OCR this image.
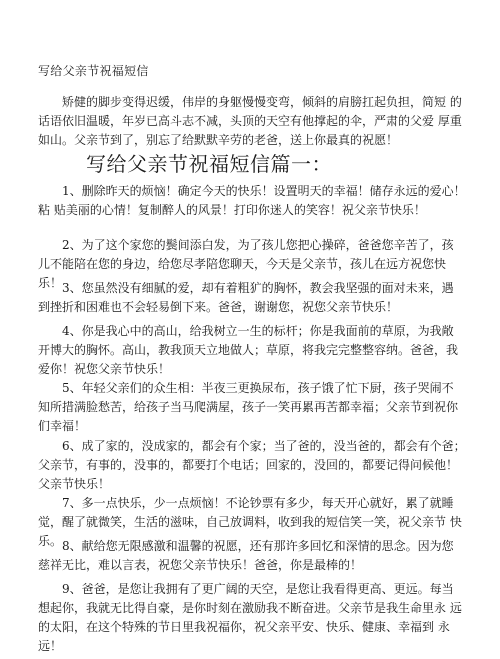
写给父亲节祝福短信

矫健的脚步变得迟缓，伟岸的身躯慢慢变弯，倾斜的肩膀扛起负担，简短 的话语依旧温暖，年岁已高斗志不减，头顶的天空有他撑起的伞，严肃的父爱 厚重如山。父亲节到了，别忘了给默默辛劳的老爸，送上你最真的祝愿！

写给父亲节祝福短信篇一：

1、删除昨天的烦恼！确定今天的快乐！设置明天的幸福！储存永远的爱心！粘 贴美丽的心情！复制醉人的风景！打印你迷人的笑容！祝父亲节快乐！

2、为了这个家您的鬓间添白发，为了孩儿您把心操碎，爸爸您辛苦了，孩 儿不能陪在您的身边，给您尽孝陪您聊天，今天是父亲节，孩儿在远方祝您快 乐！ 3、您虽然没有细腻的爱，却有着粗犷的胸怀，教会我坚强的面对未来，遇 到挫折和困难也不会轻易倒下来。爸爸，谢谢您，祝您父亲节快乐！

4、你是我心中的高山，给我树立一生的标杆；你是我面前的草原，为我敞 开博大的胸怀。高山，教我顶天立地做人；草原，将我完完整整容纳。爸爸，我 爱你！祝您父亲节快乐！

5、年轻父亲们的众生相：半夜三更换尿布，孩子饿了忙下厨，孩子哭闹不 知所措满脸愁苦，给孩子当马爬满屋，孩子一笑再累再苦都幸福；父亲节到祝你 们幸福！

6、成了家的，没成家的，都会有个家；当了爸的，没当爸的，都会有个爸；父亲节，有事的，没事的，都要打个电话；回家的，没回的，都要记得问候他！ 父亲节快乐！

7、多一点快乐，少一点烦恼！不论钞票有多少，每天开心就好，累了就睡 觉，醒了就微笑，生活的滋味，自己放调料，收到我的短信笑一笑，祝父亲节 快乐。 8、献给您无限感激和温馨的祝愿，还有那许多回忆和深情的思念。因为您 慈祥无比，难以言表，祝您父亲节快乐！爸爸，你是最棒的！

9、爸爸，是您让我拥有了更广阔的天空，是您让我看得更高、更远。每当 想起你，我就无比得自豪，是你时刻在激励我不断奋进。父亲节是我生命里永 远的太阳，在这个特殊的节日里我祝福你，祝父亲平安、快乐、健康、幸福到 永远！
